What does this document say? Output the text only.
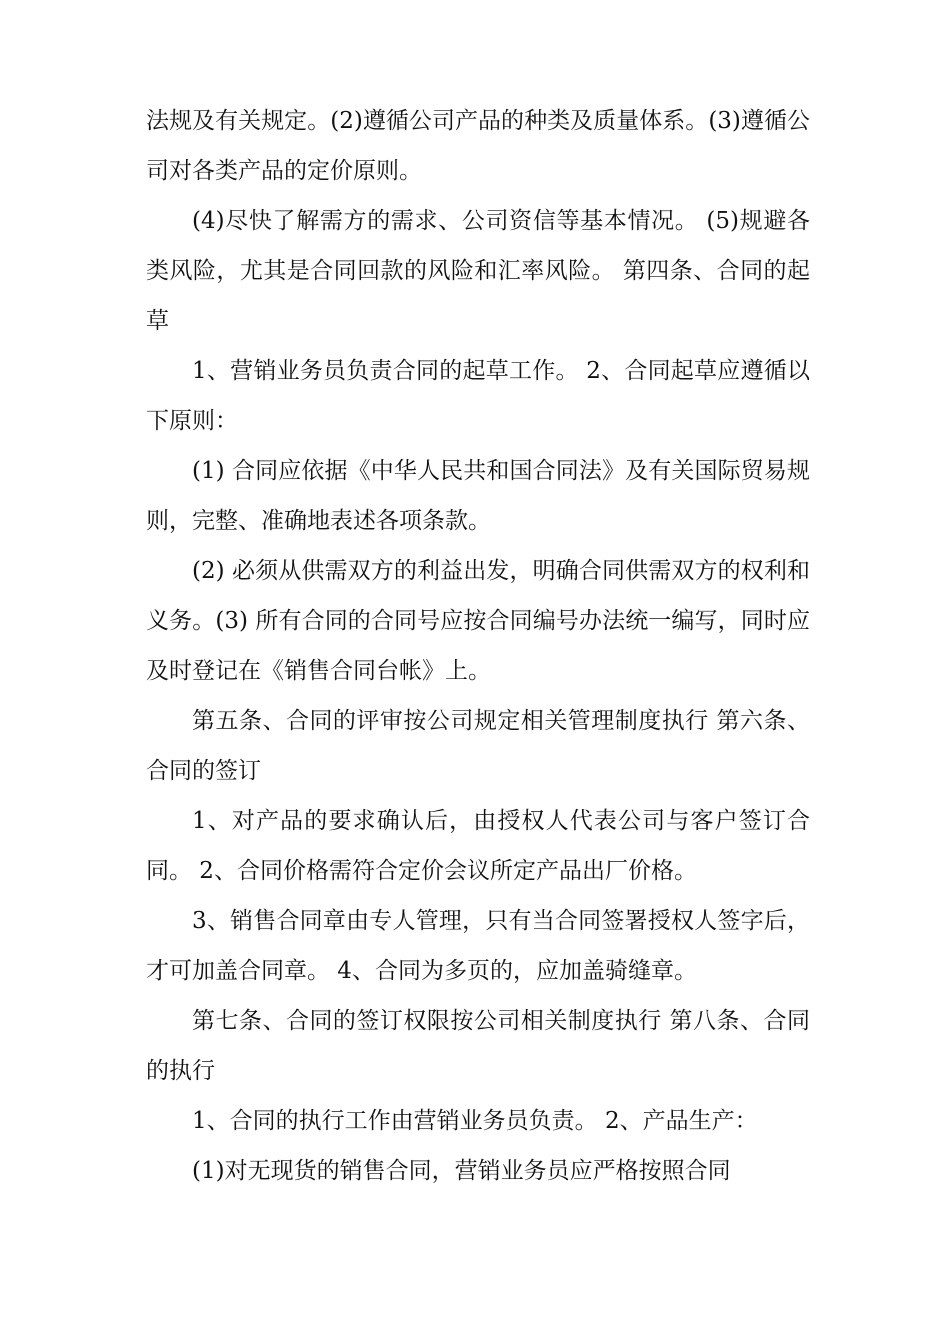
法规及有关规定。(2)遵循公司产品的种类及质量体系。(3)遵循公司对各类产品的定价原则。

(4)尽快了解需方的需求、公司资信等基本情况。 (5)规避各类风险，尤其是合同回款的风险和汇率风险。 第四条、合同的起草

1、营销业务员负责合同的起草工作。 2、合同起草应遵循以下原则：

(1) 合同应依据《中华人民共和国合同法》及有关国际贸易规则，完整、准确地表述各项条款。

(2) 必须从供需双方的利益出发，明确合同供需双方的权利和义务。(3) 所有合同的合同号应按合同编号办法统一编写，同时应及时登记在《销售合同台帐》上。

第五条、合同的评审按公司规定相关管理制度执行 第六条、合同的签订

1、对产品的要求确认后，由授权人代表公司与客户签订合同。 2、合同价格需符合定价会议所定产品出厂价格。

3、销售合同章由专人管理，只有当合同签署授权人签字后，才可加盖合同章。 4、合同为多页的，应加盖骑缝章。

第七条、合同的签订权限按公司相关制度执行 第八条、合同的执行

1、合同的执行工作由营销业务员负责。 2、产品生产：

(1)对无现货的销售合同，营销业务员应严格按照合同
